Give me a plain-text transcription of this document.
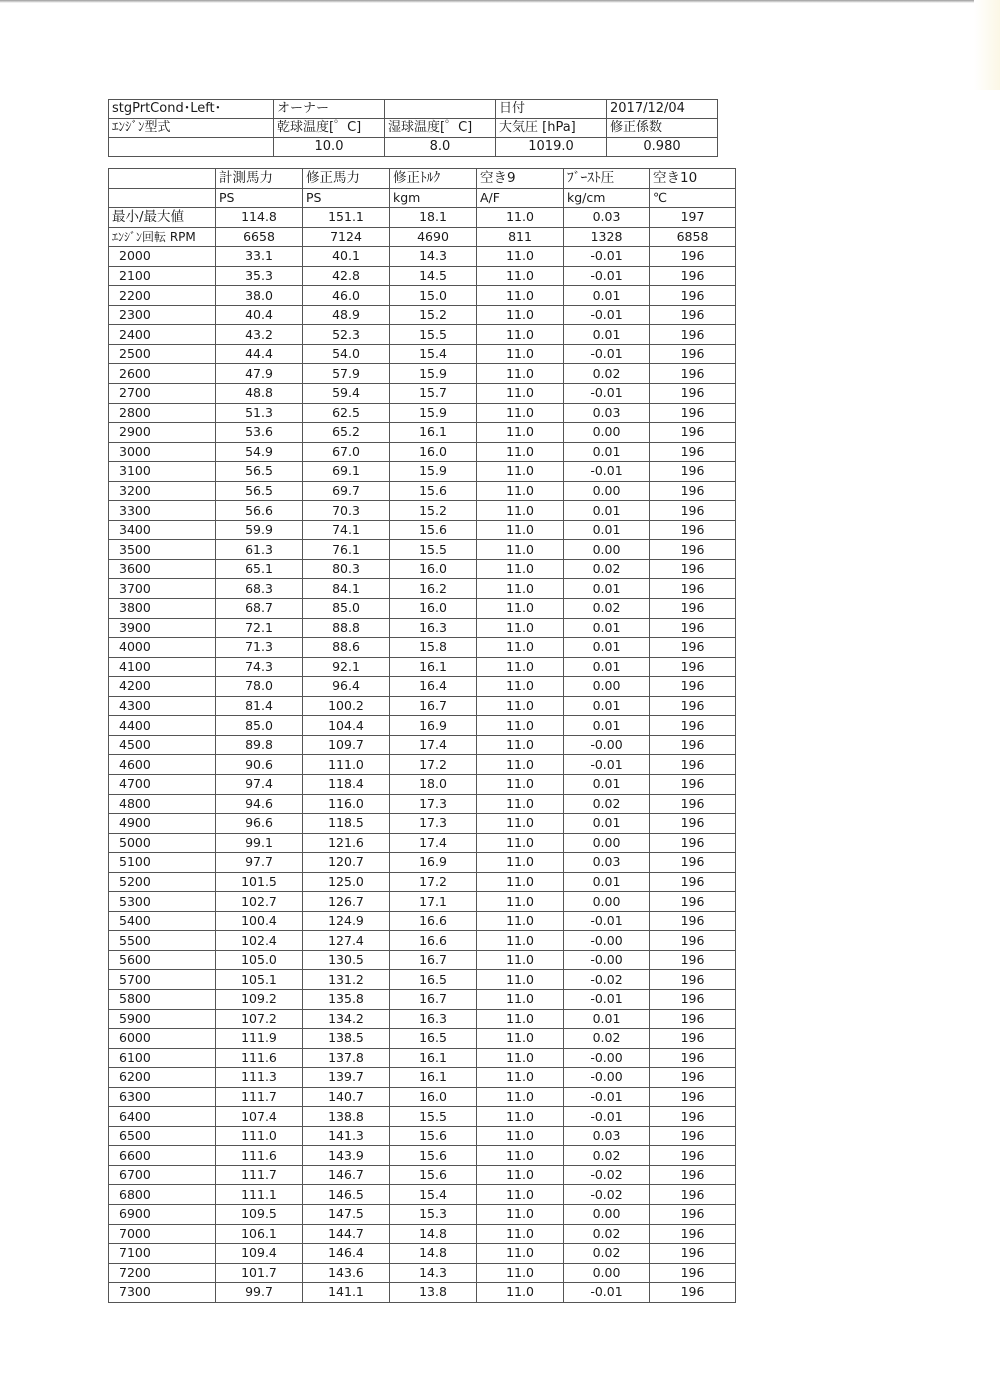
stgPrtCond･Left･	オーナー		日付	2017/12/04
ｴﾝｼﾞﾝ型式	乾球温度[゜C]	湿球温度[゜C]	大気圧 [hPa]	修正係数
	10.0	8.0	1019.0	0.980
	計測馬力	修正馬力	修正ﾄﾙｸ	空き9	ﾌﾞｰｽﾄ圧	空き10
	PS	PS	kgm	A/F	kg/cm	℃
最小/最大値	114.8	151.1	18.1	11.0	0.03	197
ｴﾝｼﾞﾝ回転 RPM	6658	7124	4690	811	1328	6858
2000	33.1	40.1	14.3	11.0	-0.01	196
2100	35.3	42.8	14.5	11.0	-0.01	196
2200	38.0	46.0	15.0	11.0	0.01	196
2300	40.4	48.9	15.2	11.0	-0.01	196
2400	43.2	52.3	15.5	11.0	0.01	196
2500	44.4	54.0	15.4	11.0	-0.01	196
2600	47.9	57.9	15.9	11.0	0.02	196
2700	48.8	59.4	15.7	11.0	-0.01	196
2800	51.3	62.5	15.9	11.0	0.03	196
2900	53.6	65.2	16.1	11.0	0.00	196
3000	54.9	67.0	16.0	11.0	0.01	196
3100	56.5	69.1	15.9	11.0	-0.01	196
3200	56.5	69.7	15.6	11.0	0.00	196
3300	56.6	70.3	15.2	11.0	0.01	196
3400	59.9	74.1	15.6	11.0	0.01	196
3500	61.3	76.1	15.5	11.0	0.00	196
3600	65.1	80.3	16.0	11.0	0.02	196
3700	68.3	84.1	16.2	11.0	0.01	196
3800	68.7	85.0	16.0	11.0	0.02	196
3900	72.1	88.8	16.3	11.0	0.01	196
4000	71.3	88.6	15.8	11.0	0.01	196
4100	74.3	92.1	16.1	11.0	0.01	196
4200	78.0	96.4	16.4	11.0	0.00	196
4300	81.4	100.2	16.7	11.0	0.01	196
4400	85.0	104.4	16.9	11.0	0.01	196
4500	89.8	109.7	17.4	11.0	-0.00	196
4600	90.6	111.0	17.2	11.0	-0.01	196
4700	97.4	118.4	18.0	11.0	0.01	196
4800	94.6	116.0	17.3	11.0	0.02	196
4900	96.6	118.5	17.3	11.0	0.01	196
5000	99.1	121.6	17.4	11.0	0.00	196
5100	97.7	120.7	16.9	11.0	0.03	196
5200	101.5	125.0	17.2	11.0	0.01	196
5300	102.7	126.7	17.1	11.0	0.00	196
5400	100.4	124.9	16.6	11.0	-0.01	196
5500	102.4	127.4	16.6	11.0	-0.00	196
5600	105.0	130.5	16.7	11.0	-0.00	196
5700	105.1	131.2	16.5	11.0	-0.02	196
5800	109.2	135.8	16.7	11.0	-0.01	196
5900	107.2	134.2	16.3	11.0	0.01	196
6000	111.9	138.5	16.5	11.0	0.02	196
6100	111.6	137.8	16.1	11.0	-0.00	196
6200	111.3	139.7	16.1	11.0	-0.00	196
6300	111.7	140.7	16.0	11.0	-0.01	196
6400	107.4	138.8	15.5	11.0	-0.01	196
6500	111.0	141.3	15.6	11.0	0.03	196
6600	111.6	143.9	15.6	11.0	0.02	196
6700	111.7	146.7	15.6	11.0	-0.02	196
6800	111.1	146.5	15.4	11.0	-0.02	196
6900	109.5	147.5	15.3	11.0	0.00	196
7000	106.1	144.7	14.8	11.0	0.02	196
7100	109.4	146.4	14.8	11.0	0.02	196
7200	101.7	143.6	14.3	11.0	0.00	196
7300	99.7	141.1	13.8	11.0	-0.01	196
